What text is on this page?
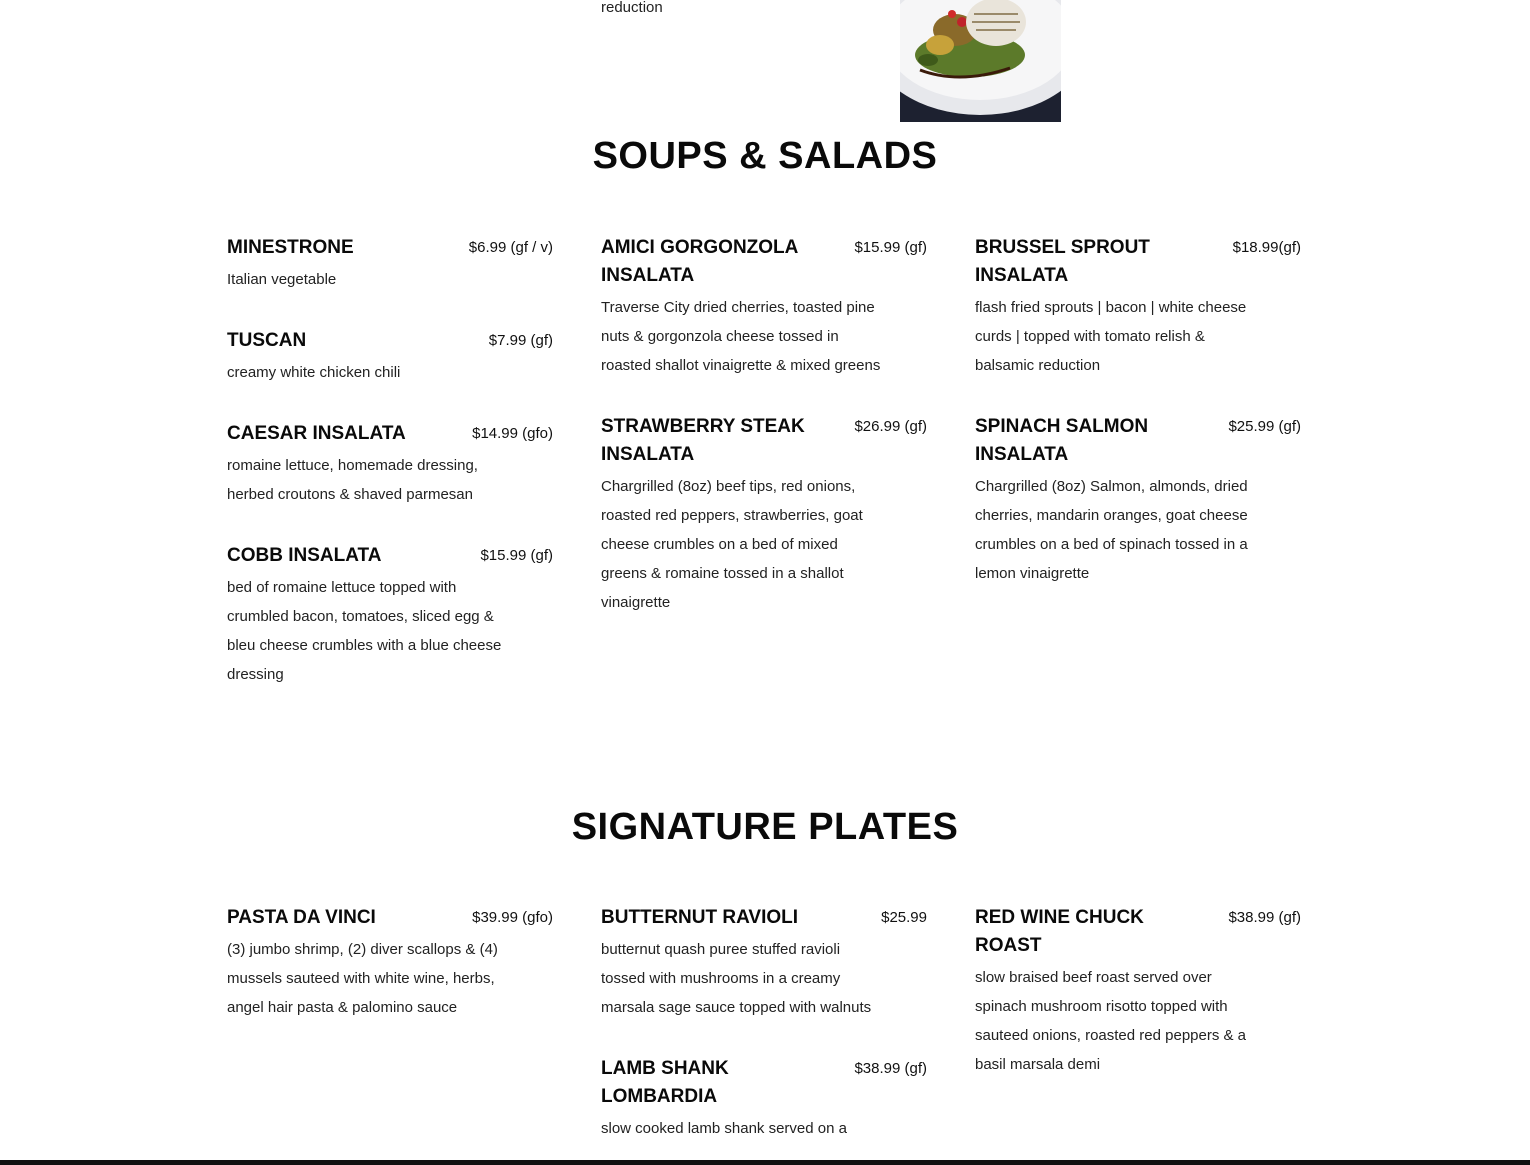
reduction

SOUPS & SALADS
MINESTRONE	$6.99 (gf / v)

Italian vegetable

TUSCAN	$7.99 (gf)

creamy white chicken chili

CAESAR INSALATA	$14.99 (gfo)

romaine lettuce, homemade dressing, herbed croutons & shaved parmesan

COBB INSALATA	$15.99 (gf)

bed of romaine lettuce topped with crumbled bacon, tomatoes, sliced egg & bleu cheese crumbles with a blue cheese dressing

AMICI GORGONZOLA INSALATA
$15.99 (gf)

Traverse City dried cherries, toasted pine nuts & gorgonzola cheese tossed in roasted shallot vinaigrette & mixed greens

STRAWBERRY STEAK INSALATA
$26.99 (gf)

Chargrilled (8oz) beef tips, red onions, roasted red peppers, strawberries, goat cheese crumbles on a bed of mixed greens & romaine tossed in a shallot vinaigrette

BRUSSEL SPROUT INSALATA
$18.99(gf)

flash fried sprouts | bacon | white cheese curds | topped with tomato relish & balsamic reduction

SPINACH SALMON INSALATA
$25.99 (gf)

Chargrilled (8oz) Salmon, almonds, dried cherries, mandarin oranges, goat cheese crumbles on a bed of spinach tossed in a lemon vinaigrette

SIGNATURE PLATES
PASTA DA VINCI	$39.99 (gfo)

(3) jumbo shrimp, (2) diver scallops & (4) mussels sauteed with white wine, herbs, angel hair pasta & palomino sauce

BUTTERNUT RAVIOLI	$25.99

butternut quash puree stuffed ravioli tossed with mushrooms in a creamy marsala sage sauce topped with walnuts

LAMB SHANK LOMBARDIA
$38.99 (gf)

slow cooked lamb shank served on a

RED WINE CHUCK ROAST
$38.99 (gf)

slow braised beef roast served over spinach mushroom risotto topped with sauteed onions, roasted red peppers & a basil marsala demi
